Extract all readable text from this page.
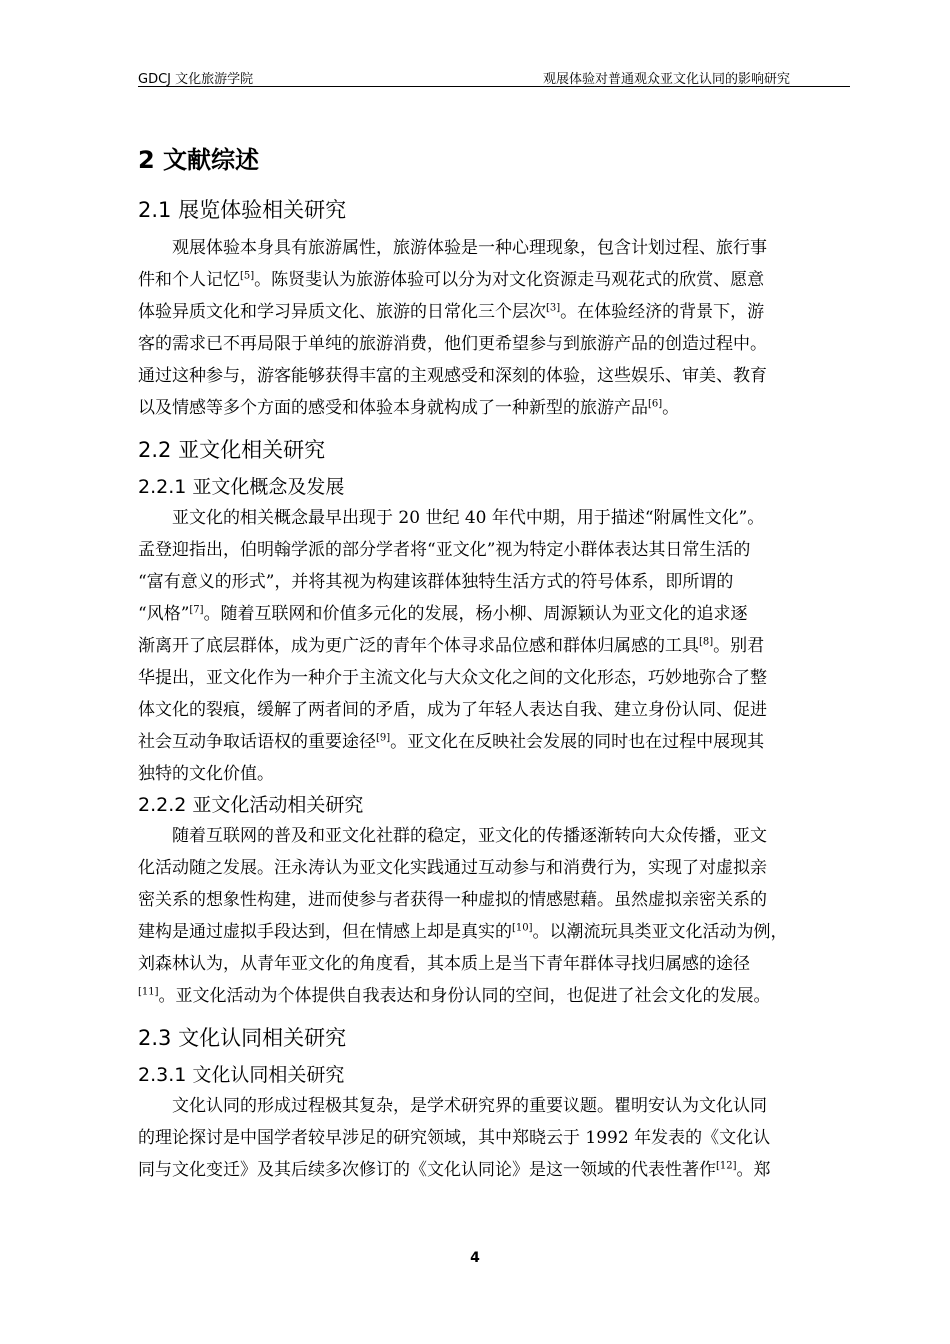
GDCJ 文化旅游学院	观展体验对普通观众亚文化认同的影响研究
2 文献综述
2.1 展览体验相关研究
观展体验本身具有旅游属性，旅游体验是一种心理现象，包含计划过程、旅行事
件和个人记忆[5]。陈贤斐认为旅游体验可以分为对文化资源走马观花式的欣赏、愿意
体验异质文化和学习异质文化、旅游的日常化三个层次[3]。在体验经济的背景下，游
客的需求已不再局限于单纯的旅游消费，他们更希望参与到旅游产品的创造过程中。
通过这种参与，游客能够获得丰富的主观感受和深刻的体验，这些娱乐、审美、教育
以及情感等多个方面的感受和体验本身就构成了一种新型的旅游产品[6]。
2.2 亚文化相关研究
2.2.1 亚文化概念及发展
亚文化的相关概念最早出现于 20 世纪 40 年代中期，用于描述“附属性文化”。
孟登迎指出，伯明翰学派的部分学者将“亚文化”视为特定小群体表达其日常生活的
“富有意义的形式”，并将其视为构建该群体独特生活方式的符号体系，即所谓的
“风格”[7]。随着互联网和价值多元化的发展，杨小柳、周源颖认为亚文化的追求逐
渐离开了底层群体，成为更广泛的青年个体寻求品位感和群体归属感的工具[8]。别君
华提出，亚文化作为一种介于主流文化与大众文化之间的文化形态，巧妙地弥合了整
体文化的裂痕，缓解了两者间的矛盾，成为了年轻人表达自我、建立身份认同、促进
社会互动争取话语权的重要途径[9]。亚文化在反映社会发展的同时也在过程中展现其
独特的文化价值。
2.2.2 亚文化活动相关研究
随着互联网的普及和亚文化社群的稳定，亚文化的传播逐渐转向大众传播，亚文
化活动随之发展。汪永涛认为亚文化实践通过互动参与和消费行为，实现了对虚拟亲
密关系的想象性构建，进而使参与者获得一种虚拟的情感慰藉。虽然虚拟亲密关系的
建构是通过虚拟手段达到，但在情感上却是真实的[10]。以潮流玩具类亚文化活动为例，
刘森林认为，从青年亚文化的角度看，其本质上是当下青年群体寻找归属感的途径
[11]。亚文化活动为个体提供自我表达和身份认同的空间，也促进了社会文化的发展。
2.3 文化认同相关研究
2.3.1 文化认同相关研究
文化认同的形成过程极其复杂，是学术研究界的重要议题。瞿明安认为文化认同
的理论探讨是中国学者较早涉足的研究领域，其中郑晓云于 1992 年发表的《文化认
同与文化变迁》及其后续多次修订的《文化认同论》是这一领域的代表性著作[12]。郑
4
